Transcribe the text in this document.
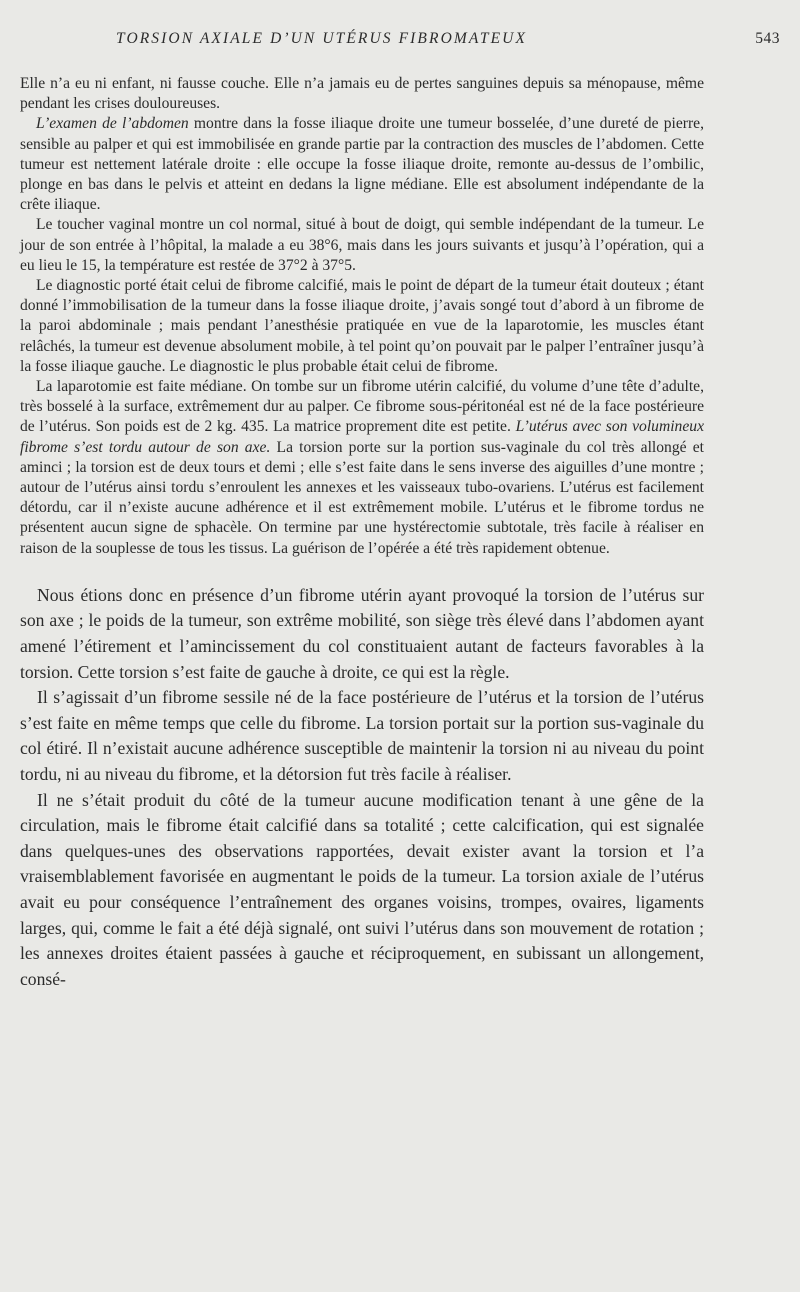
TORSION AXIALE D’UN UTÉRUS FIBROMATEUX	543

Elle n’a eu ni enfant, ni fausse couche. Elle n’a jamais eu de pertes sanguines depuis sa ménopause, même pendant les crises douloureuses.

L’examen de l’abdomen montre dans la fosse iliaque droite une tumeur bosselée, d’une dureté de pierre, sensible au palper et qui est immobilisée en grande partie par la contraction des muscles de l’abdomen. Cette tumeur est nettement latérale droite : elle occupe la fosse iliaque droite, remonte au-dessus de l’ombilic, plonge en bas dans le pelvis et atteint en dedans la ligne médiane. Elle est absolument indépendante de la crête iliaque.

Le toucher vaginal montre un col normal, situé à bout de doigt, qui semble indépendant de la tumeur. Le jour de son entrée à l’hôpital, la malade a eu 38°6, mais dans les jours suivants et jusqu’à l’opération, qui a eu lieu le 15, la température est restée de 37°2 à 37°5.

Le diagnostic porté était celui de fibrome calcifié, mais le point de départ de la tumeur était douteux ; étant donné l’immobilisation de la tumeur dans la fosse iliaque droite, j’avais songé tout d’abord à un fibrome de la paroi abdominale ; mais pendant l’anesthésie pratiquée en vue de la laparotomie, les muscles étant relâchés, la tumeur est devenue absolument mobile, à tel point qu’on pouvait par le palper l’entraîner jusqu’à la fosse iliaque gauche. Le diagnostic le plus probable était celui de fibrome.

La laparotomie est faite médiane. On tombe sur un fibrome utérin calcifié, du volume d’une tête d’adulte, très bosselé à la surface, extrêmement dur au palper. Ce fibrome sous-péritonéal est né de la face postérieure de l’utérus. Son poids est de 2 kg. 435. La matrice proprement dite est petite. L’utérus avec son volumineux fibrome s’est tordu autour de son axe. La torsion porte sur la portion sus-vaginale du col très allongé et aminci ; la torsion est de deux tours et demi ; elle s’est faite dans le sens inverse des aiguilles d’une montre ; autour de l’utérus ainsi tordu s’enroulent les annexes et les vaisseaux tubo-ovariens. L’utérus est facilement détordu, car il n’existe aucune adhérence et il est extrêmement mobile. L’utérus et le fibrome tordus ne présentent aucun signe de sphacèle. On termine par une hystérectomie subtotale, très facile à réaliser en raison de la souplesse de tous les tissus. La guérison de l’opérée a été très rapidement obtenue.

Nous étions donc en présence d’un fibrome utérin ayant provoqué la torsion de l’utérus sur son axe ; le poids de la tumeur, son extrême mobilité, son siège très élevé dans l’abdomen ayant amené l’étirement et l’amincissement du col constituaient autant de facteurs favorables à la torsion. Cette torsion s’est faite de gauche à droite, ce qui est la règle.

Il s’agissait d’un fibrome sessile né de la face postérieure de l’utérus et la torsion de l’utérus s’est faite en même temps que celle du fibrome. La torsion portait sur la portion sus-vaginale du col étiré. Il n’existait aucune adhérence susceptible de maintenir la torsion ni au niveau du point tordu, ni au niveau du fibrome, et la détorsion fut très facile à réaliser.

Il ne s’était produit du côté de la tumeur aucune modification tenant à une gêne de la circulation, mais le fibrome était calcifié dans sa totalité ; cette calcification, qui est signalée dans quelques-unes des observations rapportées, devait exister avant la torsion et l’a vraisemblablement favorisée en augmentant le poids de la tumeur. La torsion axiale de l’utérus avait eu pour conséquence l’entraînement des organes voisins, trompes, ovaires, ligaments larges, qui, comme le fait a été déjà signalé, ont suivi l’utérus dans son mouvement de rotation ; les annexes droites étaient passées à gauche et réciproquement, en subissant un allongement, consé-
